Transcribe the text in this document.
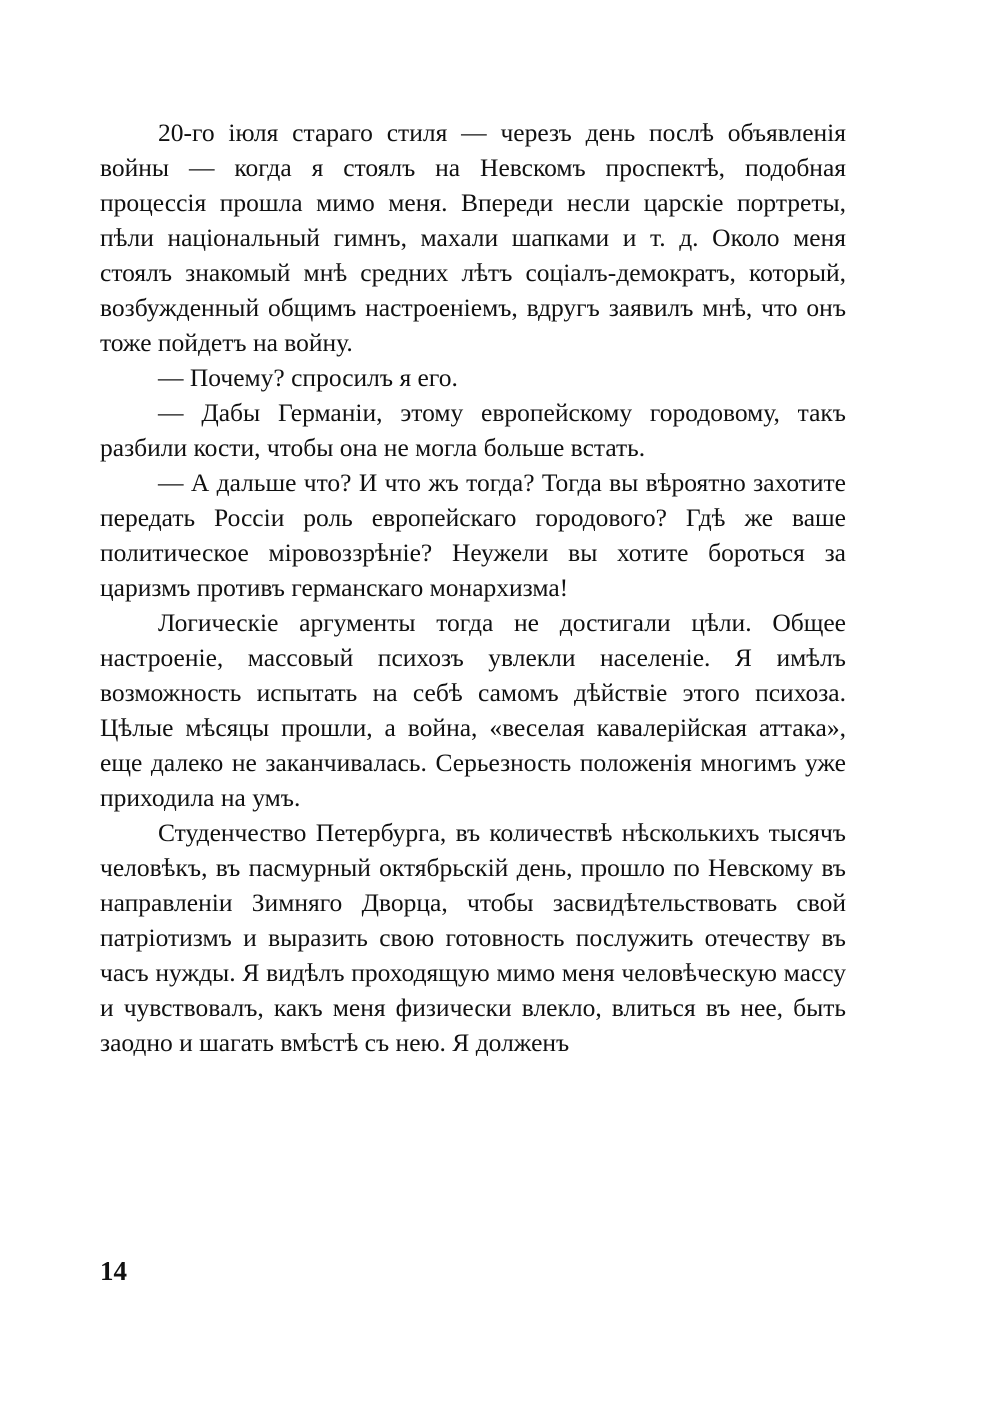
20-го іюля стараго стиля — черезъ день послѣ объявленія войны — когда я стоялъ на Невскомъ проспектѣ, подобная процессія прошла мимо меня. Впереди несли царскіе портреты, пѣли національный гимнъ, махали шапками и т. д. Около меня стоялъ знакомый мнѣ средних лѣтъ соціалъ-демократъ, который, возбужденный общимъ настроеніемъ, вдругъ заявилъ мнѣ, что онъ тоже пойдетъ на войну.

— Почему? спросилъ я его.

— Дабы Германіи, этому европейскому городовому, такъ разбили кости, чтобы она не могла больше встать.

— А дальше что? И что жъ тогда? Тогда вы вѣроятно захотите передать Россіи роль европейскаго городового? Гдѣ же ваше политическое міровоззрѣніе? Неужели вы хотите бороться за царизмъ противъ германскаго монархизма!

Логическіе аргументы тогда не достигали цѣли. Общее настроеніе, массовый психозъ увлекли населеніе. Я имѣлъ возможность испытать на себѣ самомъ дѣйствіе этого психоза. Цѣлые мѣсяцы прошли, а война, «веселая кавалерійская аттака», еще далеко не заканчивалась. Серьезность положенія многимъ уже приходила на умъ.

Студенчество Петербурга, въ количествѣ нѣсколькихъ тысячъ человѣкъ, въ пасмурный октябрьскій день, прошло по Невскому въ направленіи Зимняго Дворца, чтобы засвидѣтельствовать свой патріотизмъ и выразить свою готовность послужить отечеству въ часъ нужды. Я видѣлъ проходящую мимо меня человѣческую массу и чувствовалъ, какъ меня физически влекло, влиться въ нее, быть заодно и шагать вмѣстѣ съ нею. Я долженъ

14
